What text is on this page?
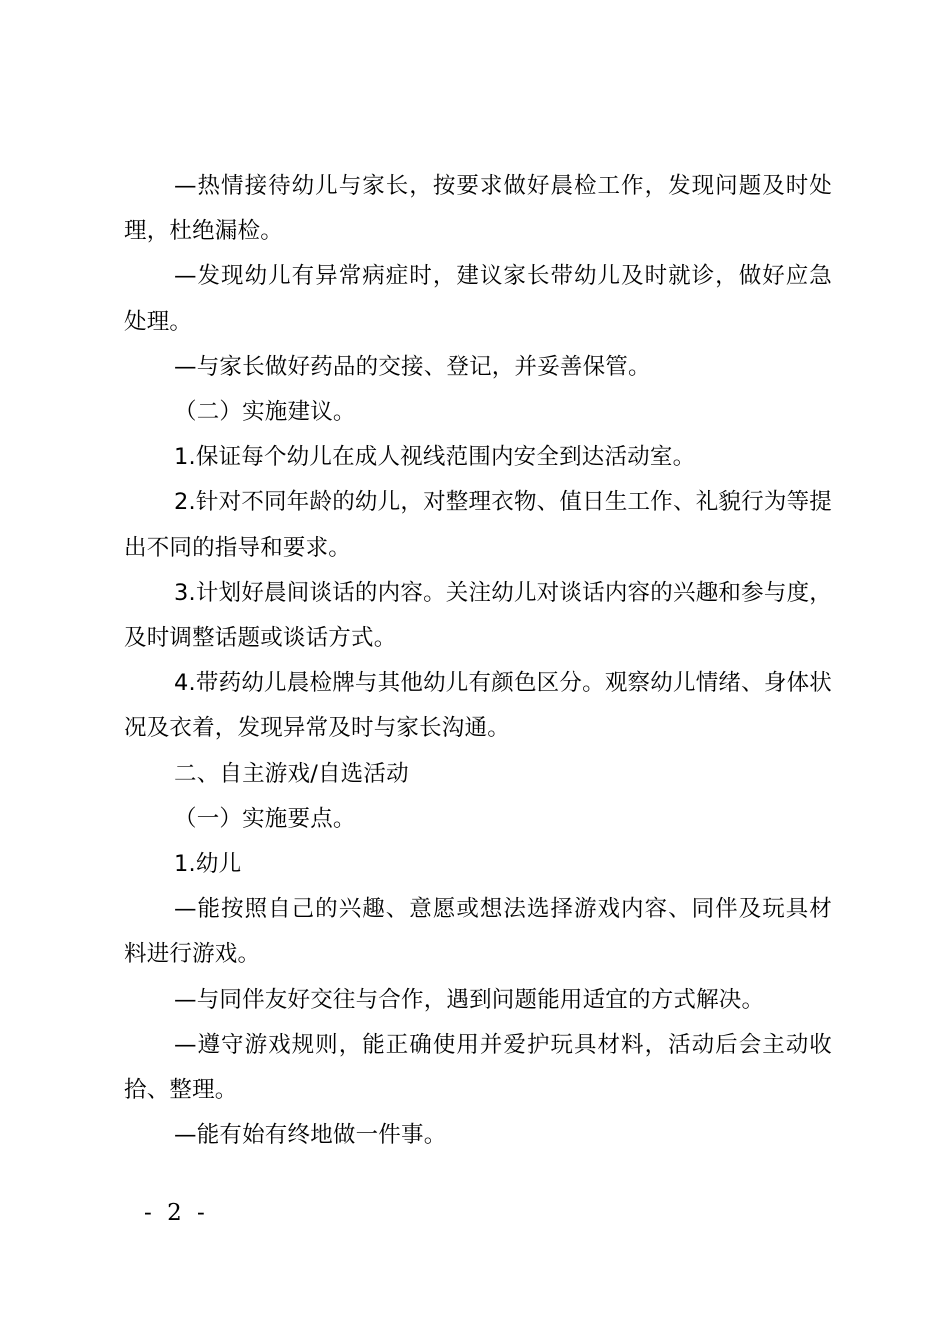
—热情接待幼儿与家长，按要求做好晨检工作，发现问题及时处理，杜绝漏检。

—发现幼儿有异常病症时，建议家长带幼儿及时就诊，做好应急处理。

—与家长做好药品的交接、登记，并妥善保管。

（二）实施建议。

1.保证每个幼儿在成人视线范围内安全到达活动室。

2.针对不同年龄的幼儿，对整理衣物、值日生工作、礼貌行为等提出不同的指导和要求。

3.计划好晨间谈话的内容。关注幼儿对谈话内容的兴趣和参与度，及时调整话题或谈话方式。

4.带药幼儿晨检牌与其他幼儿有颜色区分。观察幼儿情绪、身体状况及衣着，发现异常及时与家长沟通。

二、自主游戏/自选活动

（一）实施要点。

1.幼儿

—能按照自己的兴趣、意愿或想法选择游戏内容、同伴及玩具材料进行游戏。

—与同伴友好交往与合作，遇到问题能用适宜的方式解决。

—遵守游戏规则，能正确使用并爱护玩具材料，活动后会主动收拾、整理。

—能有始有终地做一件事。

- 2 -
